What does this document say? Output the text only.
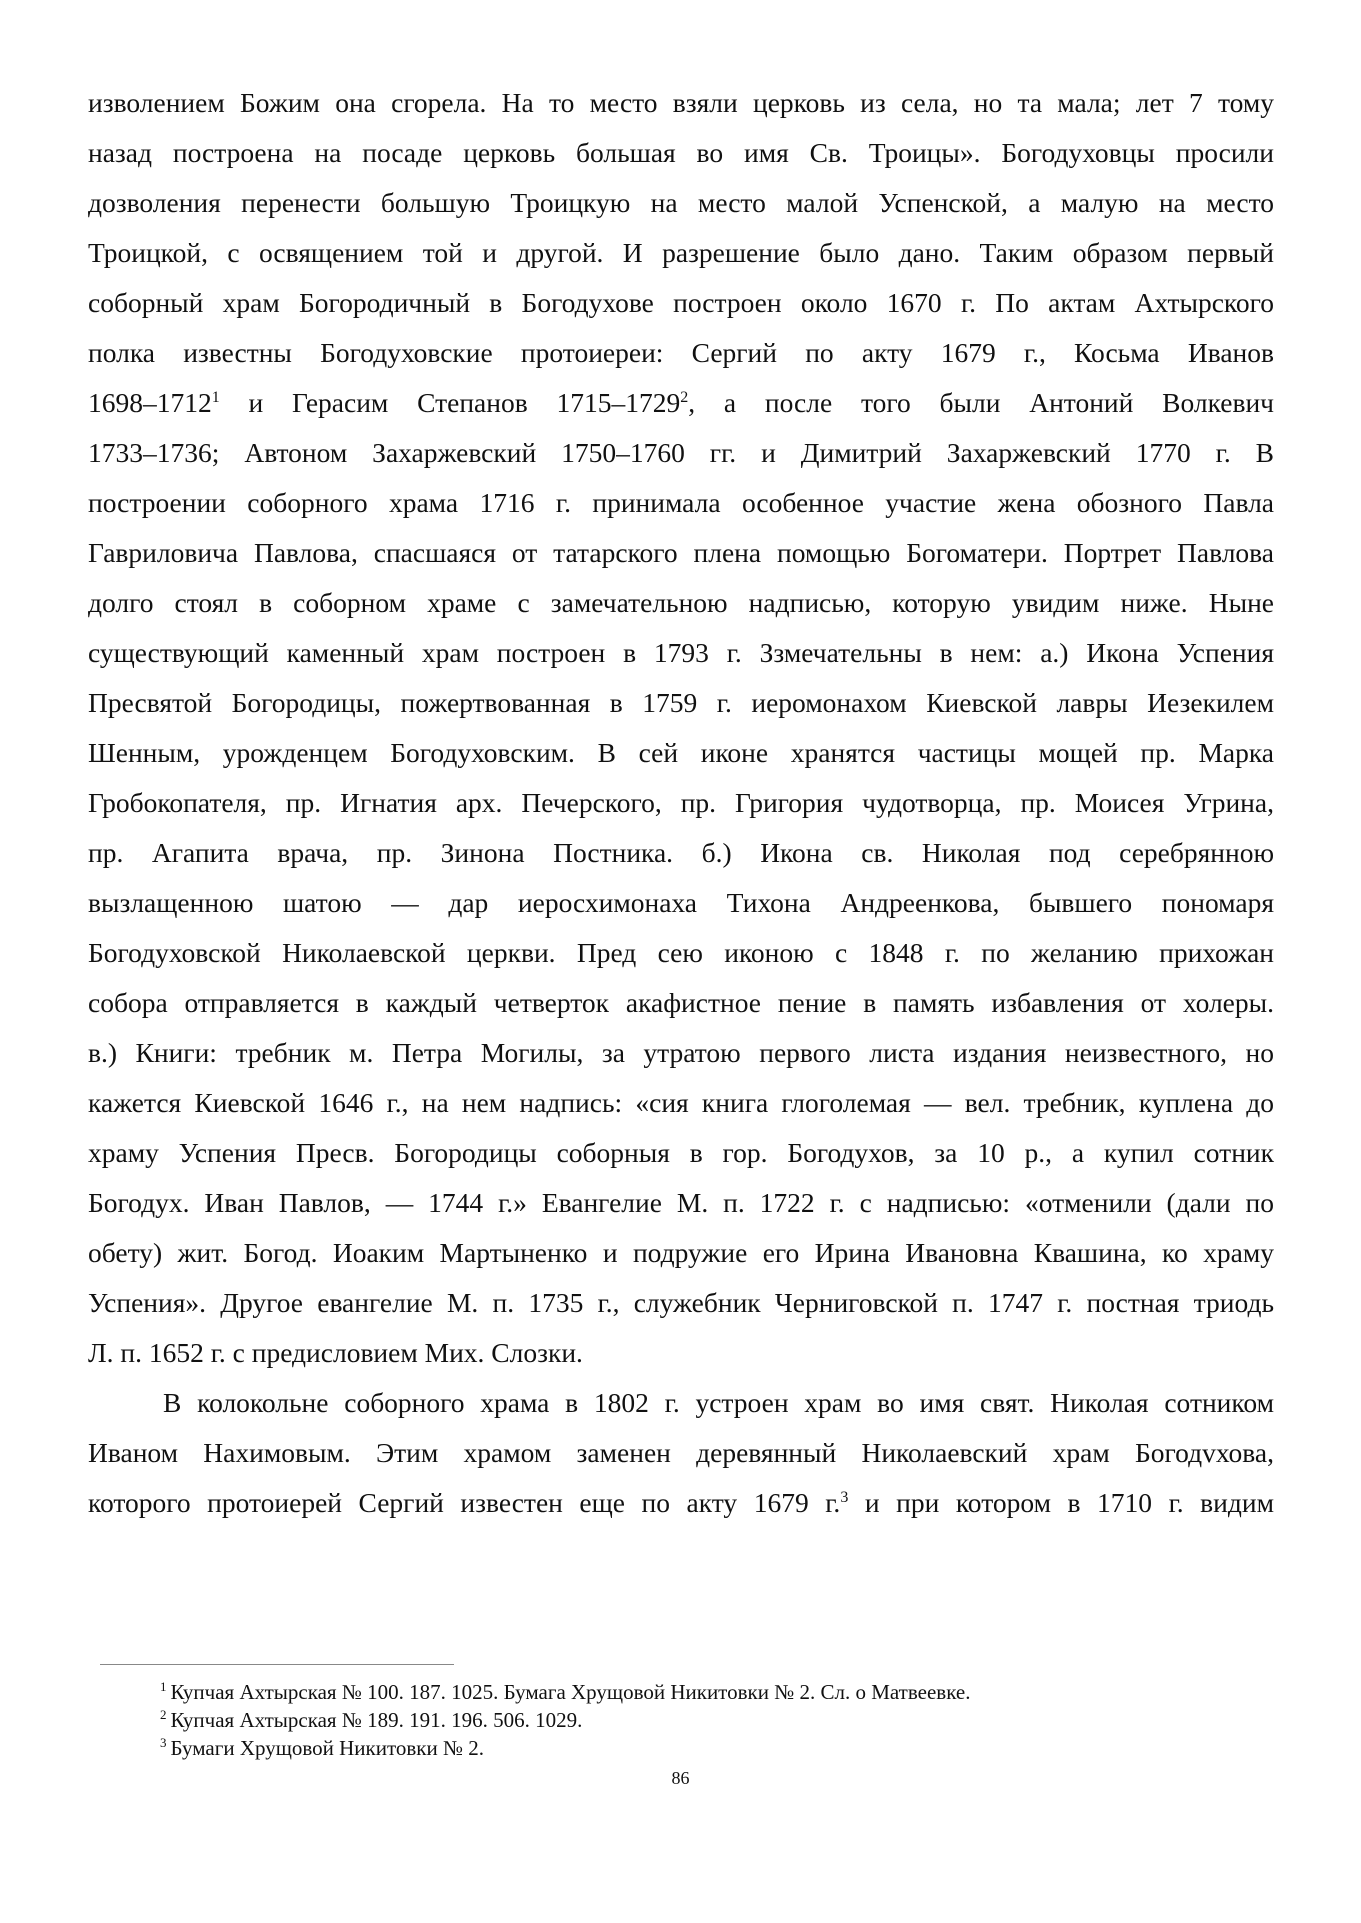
изволением Божим она сгорела. На то место взяли церковь из села, но та мала; лет 7 тому
назад построена на посаде церковь большая во имя Св. Троицы». Богодуховцы просили
дозволения перенести большую Троицкую на место малой Успенской, а малую на место
Троицкой, с освящением той и другой. И разрешение было дано. Таким образом первый
соборный храм Богородичный в Богодухове построен около 1670 г. По актам Ахтырского
полка известны Богодуховские протоиереи: Сергий по акту 1679 г., Косьма Иванов
1698–1712$^1$ и Герасим Степанов 1715–1729$^2$, а после того были Антоний Волкевич
1733–1736; Автоном Захаржевский 1750–1760 гг. и Димитрий Захаржевский 1770 г. В
построении соборного храма 1716 г. принимала особенное участие жена обозного Павла
Гавриловича Павлова, спасшаяся от татарского плена помощью Богоматери. Портрет Павлова
долго стоял в соборном храме с замечательною надписью, которую увидим ниже. Ныне
существующий каменный храм построен в 1793 г. Ззмечательны в нем: а.) Икона Успения
Пресвятой Богородицы, пожертвованная в 1759 г. иеромонахом Киевской лавры Иезекилем
Шенным, урожденцем Богодуховским. В сей иконе хранятся частицы мощей пр. Марка
Гробокопателя, пр. Игнатия арх. Печерского, пр. Григория чудотворца, пр. Моисея Угрина,
пр. Агапита врача, пр. Зинона Постника. б.) Икона св. Николая под серебрянною
вызлащенною шатою — дар иеросхимонаха Тихона Андреенкова, бывшего пономаря
Богодуховской Николаевской церкви. Пред сею иконою с 1848 г. по желанию прихожан
собора отправляется в каждый четверток акафистное пение в память избавления от холеры.
в.) Книги: требник м. Петра Могилы, за утратою первого листа издания неизвестного, но
кажется Киевской 1646 г., на нем надпись: «сия книга глоголемая — вел. требник, куплена до
храму Успения Пресв. Богородицы соборныя в гор. Богодухов, за 10 р., а купил сотник
Богодух. Иван Павлов, — 1744 г.» Евангелие М. п. 1722 г. с надписью: «отменили (дали по
обету) жит. Богод. Иоаким Мартыненко и подружие его Ирина Ивановна Квашина, ко храму
Успения». Другое евангелие М. п. 1735 г., служебник Черниговской п. 1747 г. постная триодь
Л. п. 1652 г. с предисловием Мих. Слозки.
В колокольне соборного храма в 1802 г. устроен храм во имя свят. Николая сотником
Иваном Нахимовым. Этим храмом заменен деревянный Николаевский храм Богодvхова,
которого протоиерей Сергий известен еще по акту 1679 г.$^3$ и при котором в 1710 г. видим
$^1$ Купчая Ахтырская № 100. 187. 1025. Бумага Хрущовой Никитовки № 2. Сл. о Матвеевке.
$^2$ Купчая Ахтырская № 189. 191. 196. 506. 1029.
$^3$ Бумаги Хрущовой Никитовки № 2.
86
